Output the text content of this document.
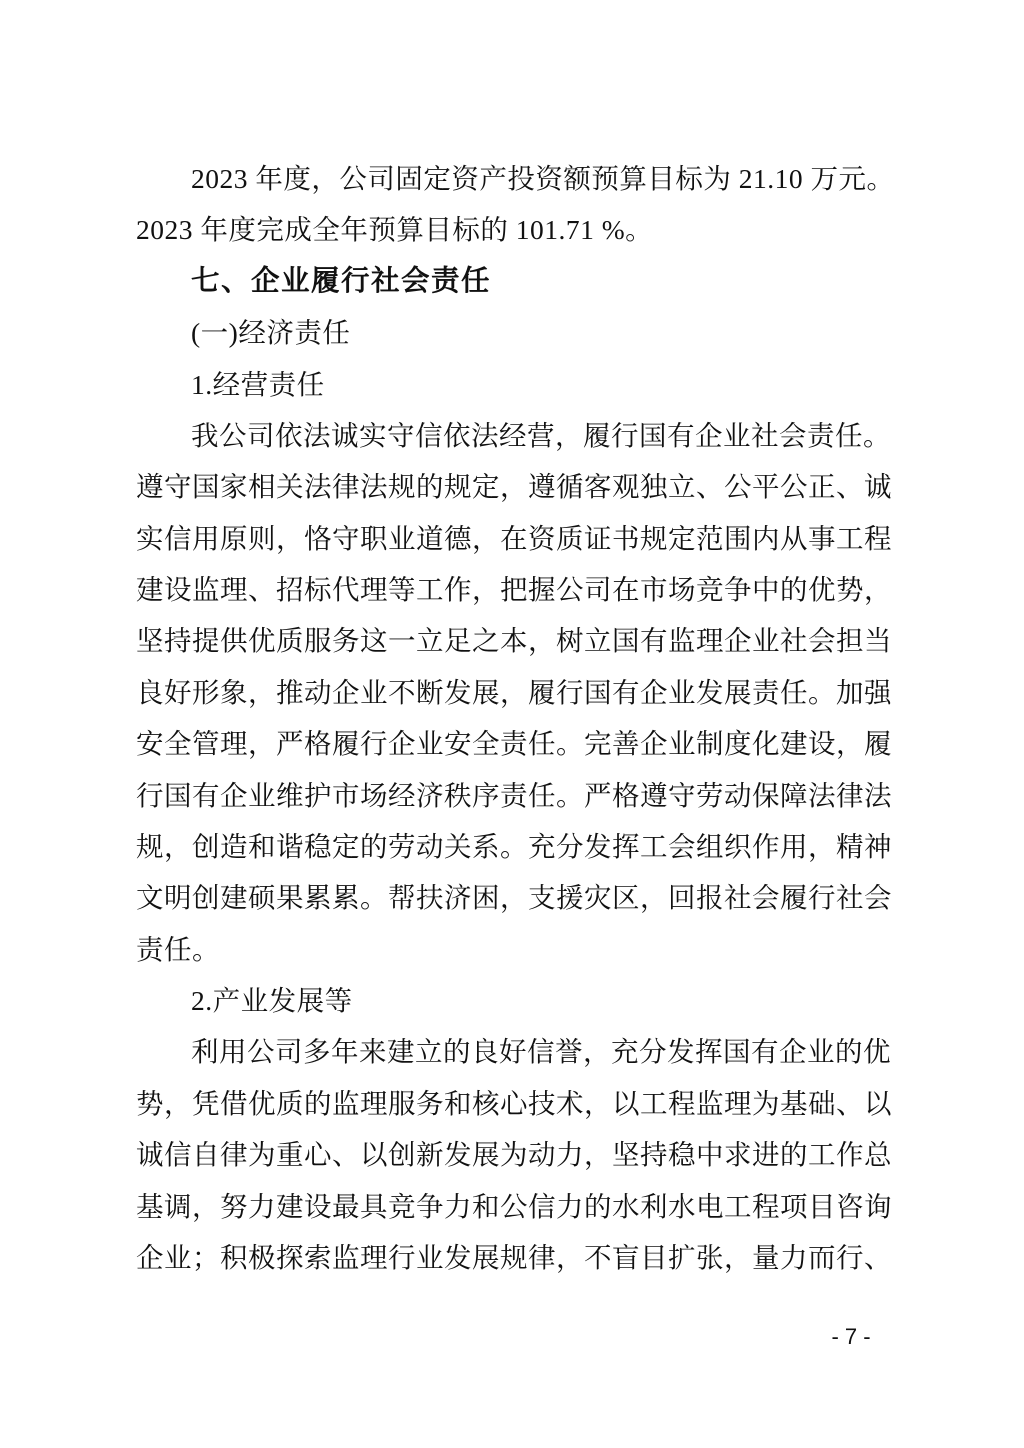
2023 年 度 ， 公 司 固 定 资 产 投 资 额 预 算 目 标 为 21.10 万 元 。
2023 年度完成全年预算目标的 101.71 %。
七、企业履行社会责任
(一)经济责任
1.经营责任
我 公 司 依 法 诚 实 守 信 依 法 经 营 ， 履 行 国 有 企 业 社 会 责 任 。
遵 守 国 家 相 关 法 律 法 规 的 规 定 ， 遵 循 客 观 独 立 、 公 平 公 正 、 诚
实 信 用 原 则 ， 恪 守 职 业 道 德 ， 在 资 质 证 书 规 定 范 围 内 从 事 工 程
建 设 监 理 、 招 标 代 理 等 工 作 ， 把 握 公 司 在 市 场 竞 争 中 的 优 势 ，
坚 持 提 供 优 质 服 务 这 一 立 足 之 本 ， 树 立 国 有 监 理 企 业 社 会 担 当
良 好 形 象 ， 推 动 企 业 不 断 发 展 ， 履 行 国 有 企 业 发 展 责 任 。 加 强
安 全 管 理 ， 严 格 履 行 企 业 安 全 责 任 。 完 善 企 业 制 度 化 建 设 ， 履
行 国 有 企 业 维 护 市 场 经 济 秩 序 责 任 。 严 格 遵 守 劳 动 保 障 法 律 法
规 ， 创 造 和 谐 稳 定 的 劳 动 关 系 。 充 分 发 挥 工 会 组 织 作 用 ， 精 神
文 明 创 建 硕 果 累 累 。 帮 扶 济 困 ， 支 援 灾 区 ， 回 报 社 会 履 行 社 会
责任。
2.产业发展等
利 用 公 司 多 年 来 建 立 的 良 好 信 誉 ， 充 分 发 挥 国 有 企 业 的 优
势 ， 凭 借 优 质 的 监 理 服 务 和 核 心 技 术 ， 以 工 程 监 理 为 基 础 、 以
诚 信 自 律 为 重 心 、 以 创 新 发 展 为 动 力 ， 坚 持 稳 中 求 进 的 工 作 总
基 调 ， 努 力 建 设 最 具 竞 争 力 和 公 信 力 的 水 利 水 电 工 程 项 目 咨 询
企 业 ； 积 极 探 索 监 理 行 业 发 展 规 律 ， 不 盲 目 扩 张 ， 量 力 而 行 、
- 7 -
